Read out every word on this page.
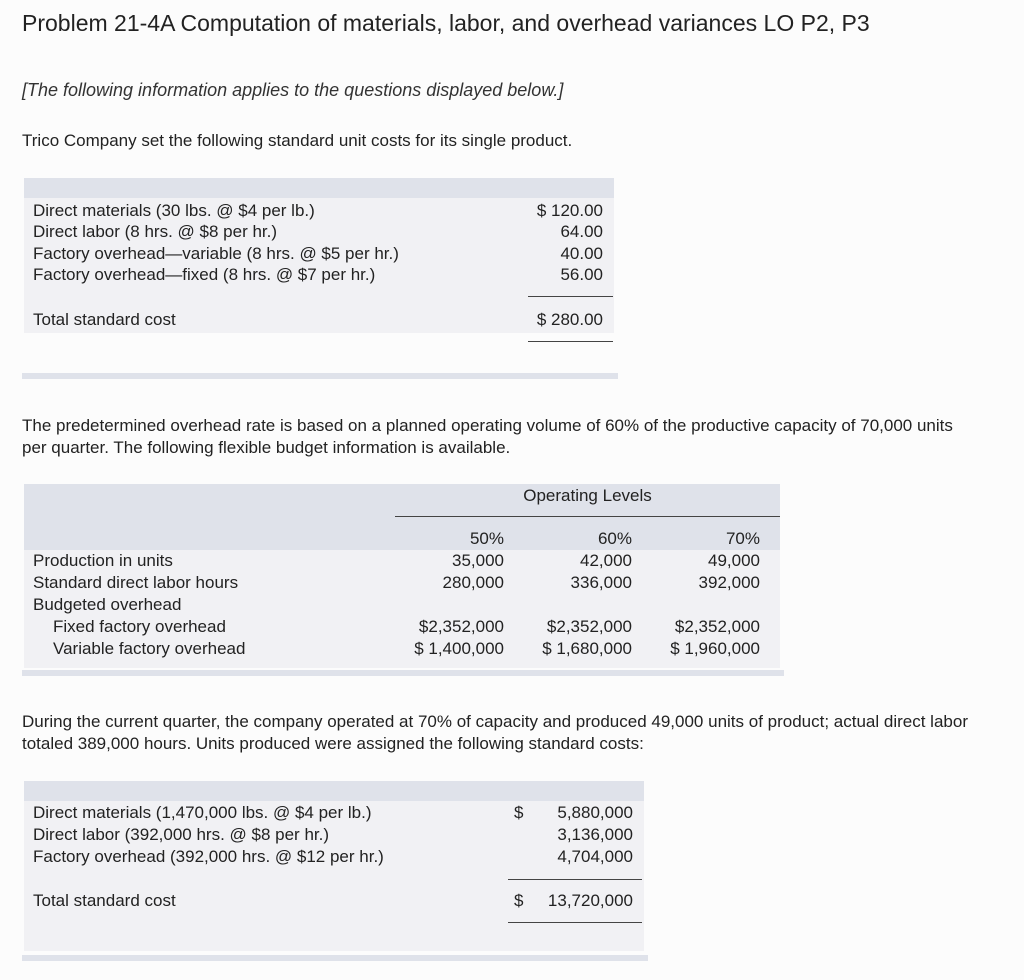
Problem 21-4A Computation of materials, labor, and overhead variances LO P2, P3
[The following information applies to the questions displayed below.]
Trico Company set the following standard unit costs for its single product.
Direct materials (30 lbs. @ $4 per lb.)	$ 120.00
Direct labor (8 hrs. @ $8 per hr.)	64.00
Factory overhead—variable (8 hrs. @ $5 per hr.)	40.00
Factory overhead—fixed (8 hrs. @ $7 per hr.)	56.00
Total standard cost	$ 280.00
The predetermined overhead rate is based on a planned operating volume of 60% of the productive capacity of 70,000 units per quarter. The following flexible budget information is available.
Operating Levels
50%	60%	70%
Production in units	35,000	42,000	49,000
Standard direct labor hours	280,000	336,000	392,000
Budgeted overhead
Fixed factory overhead	$2,352,000	$2,352,000	$2,352,000
Variable factory overhead	$ 1,400,000	$ 1,680,000	$ 1,960,000
During the current quarter, the company operated at 70% of capacity and produced 49,000 units of product; actual direct labor totaled 389,000 hours. Units produced were assigned the following standard costs:
Direct materials (1,470,000 lbs. @ $4 per lb.)	$	5,880,000
Direct labor (392,000 hrs. @ $8 per hr.)	3,136,000
Factory overhead (392,000 hrs. @ $12 per hr.)	4,704,000
Total standard cost	$	13,720,000
